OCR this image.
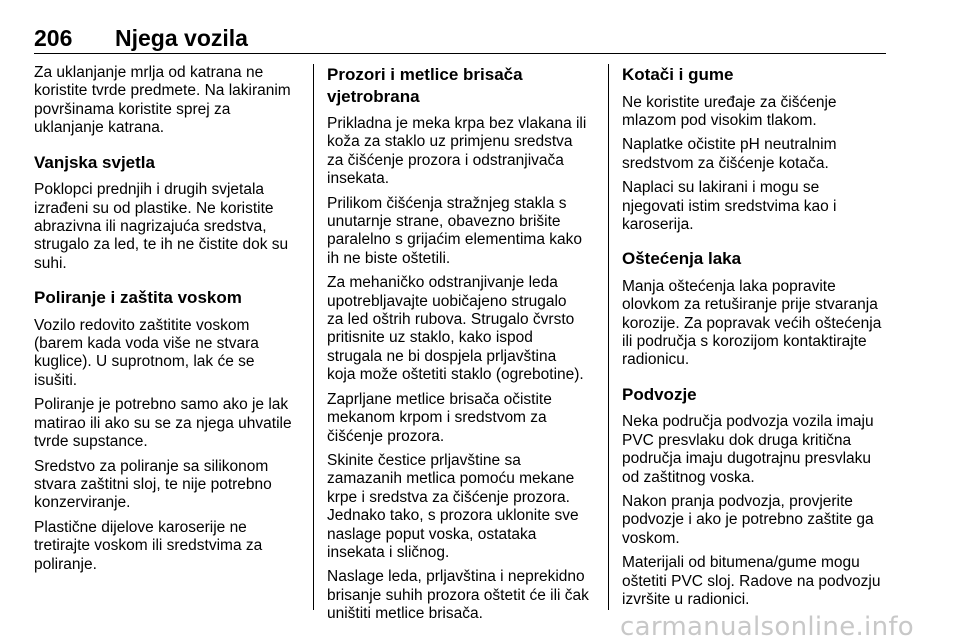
206 Njega vozila

Za uklanjanje mrlja od katrana ne
koristite tvrde predmete. Na lakiranim
površinama koristite sprej za
uklanjanje katrana.

Vanjska svjetla

Poklopci prednjih i drugih svjetala
izrađeni su od plastike. Ne koristite
abrazivna ili nagrizajuća sredstva,
strugalo za led, te ih ne čistite dok su
suhi.

Poliranje i zaštita voskom

Vozilo redovito zaštitite voskom
(barem kada voda više ne stvara
kuglice). U suprotnom, lak će se
isušiti.

Poliranje je potrebno samo ako je lak
matirao ili ako su se za njega uhvatile
tvrde supstance.

Sredstvo za poliranje sa silikonom
stvara zaštitni sloj, te nije potrebno
konzerviranje.

Plastične dijelove karoserije ne
tretirajte voskom ili sredstvima za
poliranje.

Prozori i metlice brisača
vjetrobrana

Prikladna je meka krpa bez vlakana ili
koža za staklo uz primjenu sredstva
za čišćenje prozora i odstranjivača
insekata.

Prilikom čišćenja stražnjeg stakla s
unutarnje strane, obavezno brišite
paralelno s grijaćim elementima kako
ih ne biste oštetili.

Za mehaničko odstranjivanje leda
upotrebljavajte uobičajeno strugalo
za led oštrih rubova. Strugalo čvrsto
pritisnite uz staklo, kako ispod
strugala ne bi dospjela prljavština
koja može oštetiti staklo (ogrebotine).

Zaprljane metlice brisača očistite
mekanom krpom i sredstvom za
čišćenje prozora.

Skinite čestice prljavštine sa
zamazanih metlica pomoću mekane
krpe i sredstva za čišćenje prozora.
Jednako tako, s prozora uklonite sve
naslage poput voska, ostataka
insekata i sličnog.

Naslage leda, prljavština i neprekidno
brisanje suhih prozora oštetit će ili čak
uništiti metlice brisača.

Kotači i gume

Ne koristite uređaje za čišćenje
mlazom pod visokim tlakom.

Naplatke očistite pH neutralnim
sredstvom za čišćenje kotača.

Naplaci su lakirani i mogu se
njegovati istim sredstvima kao i
karoserija.

Oštećenja laka

Manja oštećenja laka popravite
olovkom za retuširanje prije stvaranja
korozije. Za popravak većih oštećenja
ili područja s korozijom kontaktirajte
radionicu.

Podvozje

Neka područja podvozja vozila imaju
PVC presvlaku dok druga kritična
područja imaju dugotrajnu presvlaku
od zaštitnog voska.

Nakon pranja podvozja, provjerite
podvozje i ako je potrebno zaštite ga
voskom.

Materijali od bitumena/gume mogu
oštetiti PVC sloj. Radove na podvozju
izvršite u radionici.

carmanualsonline.info
